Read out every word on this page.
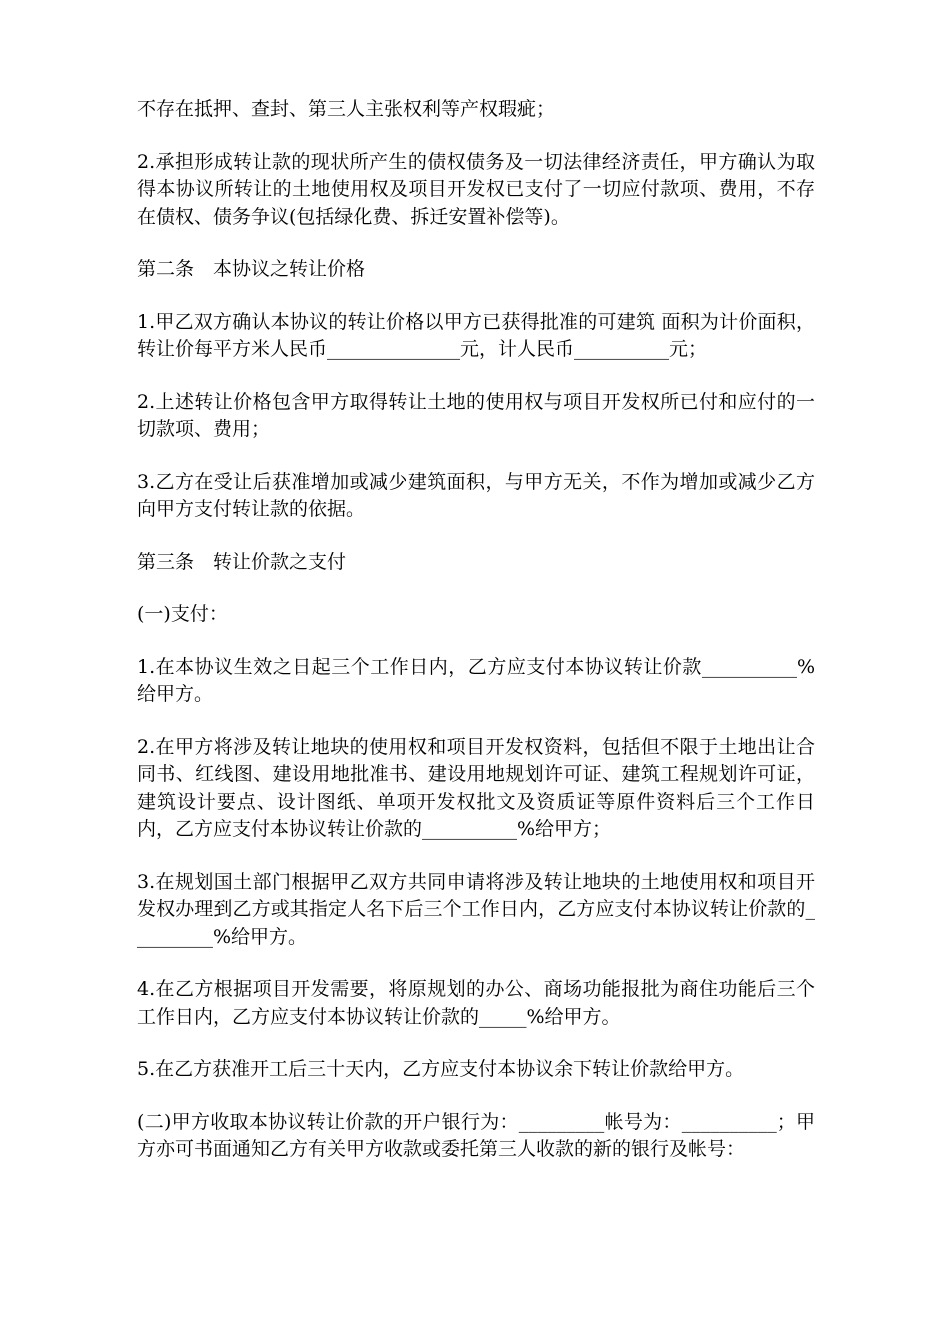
不存在抵押、查封、第三人主张权利等产权瑕疵；

2.承担形成转让款的现状所产生的债权债务及一切法律经济责任，甲方确认为取得本协议所转让的土地使用权及项目开发权已支付了一切应付款项、费用，不存在债权、债务争议(包括绿化费、拆迁安置补偿等)。

第二条　本协议之转让价格

1.甲乙双方确认本协议的转让价格以甲方已获得批准的可建筑 面积为计价面积，转让价每平方米人民币______________元，计人民币__________元；

2.上述转让价格包含甲方取得转让土地的使用权与项目开发权所已付和应付的一切款项、费用；

3.乙方在受让后获准增加或减少建筑面积，与甲方无关，不作为增加或减少乙方向甲方支付转让款的依据。

第三条　转让价款之支付

(一)支付：

1.在本协议生效之日起三个工作日内，乙方应支付本协议转让价款__________%给甲方。

2.在甲方将涉及转让地块的使用权和项目开发权资料，包括但不限于土地出让合同书、红线图、建设用地批准书、建设用地规划许可证、建筑工程规划许可证，建筑设计要点、设计图纸、单项开发权批文及资质证等原件资料后三个工作日内，乙方应支付本协议转让价款的__________%给甲方；

3.在规划国土部门根据甲乙双方共同申请将涉及转让地块的土地使用权和项目开发权办理到乙方或其指定人名下后三个工作日内，乙方应支付本协议转让价款的_________%给甲方。

4.在乙方根据项目开发需要，将原规划的办公、商场功能报批为商住功能后三个工作日内，乙方应支付本协议转让价款的_____%给甲方。

5.在乙方获准开工后三十天内，乙方应支付本协议余下转让价款给甲方。

(二)甲方收取本协议转让价款的开户银行为：_________帐号为：__________；甲方亦可书面通知乙方有关甲方收款或委托第三人收款的新的银行及帐号：
